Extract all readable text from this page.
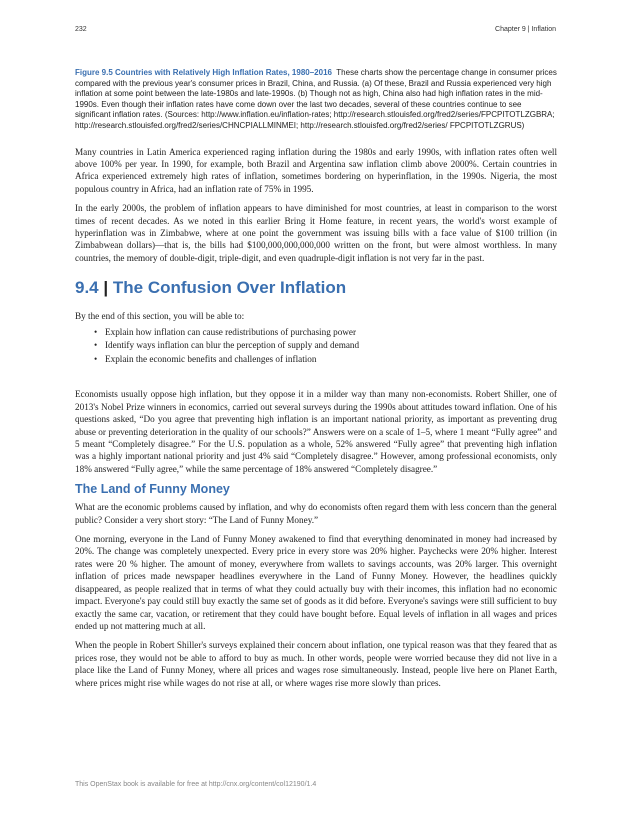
232	Chapter 9 | Inflation

Figure 9.5 Countries with Relatively High Inflation Rates, 1980–2016 These charts show the percentage change in consumer prices compared with the previous year's consumer prices in Brazil, China, and Russia. (a) Of these, Brazil and Russia experienced very high inflation at some point between the late-1980s and late-1990s. (b) Though not as high, China also had high inflation rates in the mid-1990s. Even though their inflation rates have come down over the last two decades, several of these countries continue to see significant inflation rates. (Sources: http://www.inflation.eu/inflation-rates; http://research.stlouisfed.org/fred2/series/FPCPITOTLZGBRA; http://research.stlouisfed.org/fred2/series/CHNCPIALLMINMEI; http://research.stlouisfed.org/fred2/series/ FPCPITOTLZGRUS)

Many countries in Latin America experienced raging inflation during the 1980s and early 1990s, with inflation rates often well above 100% per year. In 1990, for example, both Brazil and Argentina saw inflation climb above 2000%. Certain countries in Africa experienced extremely high rates of inflation, sometimes bordering on hyperinflation, in the 1990s. Nigeria, the most populous country in Africa, had an inflation rate of 75% in 1995.

In the early 2000s, the problem of inflation appears to have diminished for most countries, at least in comparison to the worst times of recent decades. As we noted in this earlier Bring it Home feature, in recent years, the world's worst example of hyperinflation was in Zimbabwe, where at one point the government was issuing bills with a face value of $100 trillion (in Zimbabwean dollars)—that is, the bills had $100,000,000,000,000 written on the front, but were almost worthless. In many countries, the memory of double-digit, triple-digit, and even quadruple-digit inflation is not very far in the past.

9.4 | The Confusion Over Inflation

By the end of this section, you will be able to:

• Explain how inflation can cause redistributions of purchasing power
• Identify ways inflation can blur the perception of supply and demand
• Explain the economic benefits and challenges of inflation

Economists usually oppose high inflation, but they oppose it in a milder way than many non-economists. Robert Shiller, one of 2013's Nobel Prize winners in economics, carried out several surveys during the 1990s about attitudes toward inflation. One of his questions asked, “Do you agree that preventing high inflation is an important national priority, as important as preventing drug abuse or preventing deterioration in the quality of our schools?” Answers were on a scale of 1–5, where 1 meant “Fully agree” and 5 meant “Completely disagree.” For the U.S. population as a whole, 52% answered “Fully agree” that preventing high inflation was a highly important national priority and just 4% said “Completely disagree.” However, among professional economists, only 18% answered “Fully agree,” while the same percentage of 18% answered “Completely disagree.”

The Land of Funny Money

What are the economic problems caused by inflation, and why do economists often regard them with less concern than the general public? Consider a very short story: “The Land of Funny Money.”

One morning, everyone in the Land of Funny Money awakened to find that everything denominated in money had increased by 20%. The change was completely unexpected. Every price in every store was 20% higher. Paychecks were 20% higher. Interest rates were 20 % higher. The amount of money, everywhere from wallets to savings accounts, was 20% larger. This overnight inflation of prices made newspaper headlines everywhere in the Land of Funny Money. However, the headlines quickly disappeared, as people realized that in terms of what they could actually buy with their incomes, this inflation had no economic impact. Everyone's pay could still buy exactly the same set of goods as it did before. Everyone's savings were still sufficient to buy exactly the same car, vacation, or retirement that they could have bought before. Equal levels of inflation in all wages and prices ended up not mattering much at all.

When the people in Robert Shiller's surveys explained their concern about inflation, one typical reason was that they feared that as prices rose, they would not be able to afford to buy as much. In other words, people were worried because they did not live in a place like the Land of Funny Money, where all prices and wages rose simultaneously. Instead, people live here on Planet Earth, where prices might rise while wages do not rise at all, or where wages rise more slowly than prices.

This OpenStax book is available for free at http://cnx.org/content/col12190/1.4
